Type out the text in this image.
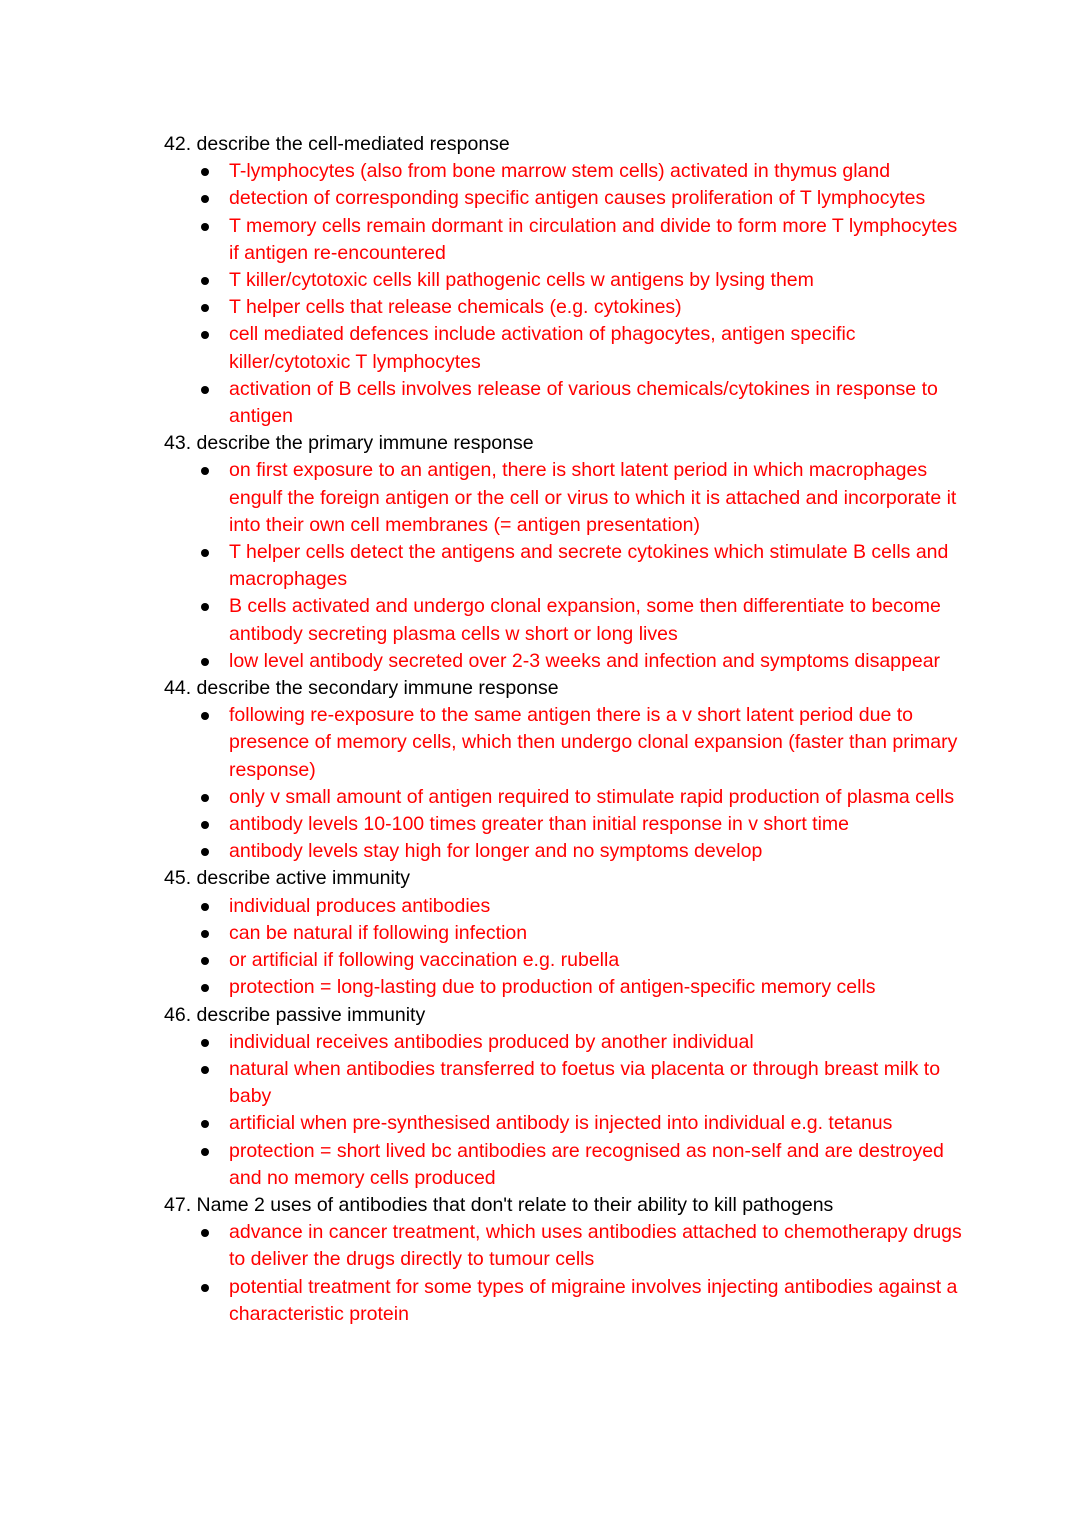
42. describe the cell-mediated response

T-lymphocytes (also from bone marrow stem cells) activated in thymus gland
detection of corresponding specific antigen causes proliferation of T lymphocytes
T memory cells remain dormant in circulation and divide to form more T lymphocytes if antigen re-encountered
T killer/cytotoxic cells kill pathogenic cells w antigens by lysing them
T helper cells that release chemicals (e.g. cytokines)
cell mediated defences include activation of phagocytes, antigen specific killer/cytotoxic T lymphocytes
activation of B cells involves release of various chemicals/cytokines in response to antigen

43. describe the primary immune response

on first exposure to an antigen, there is short latent period in which macrophages engulf the foreign antigen or the cell or virus to which it is attached and incorporate it into their own cell membranes (= antigen presentation)
T helper cells detect the antigens and secrete cytokines which stimulate B cells and macrophages
B cells activated and undergo clonal expansion, some then differentiate to become antibody secreting plasma cells w short or long lives
low level antibody secreted over 2-3 weeks and infection and symptoms disappear

44. describe the secondary immune response

following re-exposure to the same antigen there is a v short latent period due to presence of memory cells, which then undergo clonal expansion (faster than primary response)
only v small amount of antigen required to stimulate rapid production of plasma cells
antibody levels 10-100 times greater than initial response in v short time
antibody levels stay high for longer and no symptoms develop

45. describe active immunity

individual produces antibodies
can be natural if following infection
or artificial if following vaccination e.g. rubella
protection = long-lasting due to production of antigen-specific memory cells

46. describe passive immunity

individual receives antibodies produced by another individual
natural when antibodies transferred to foetus via placenta or through breast milk to baby
artificial when pre-synthesised antibody is injected into individual e.g. tetanus
protection = short lived bc antibodies are recognised as non-self and are destroyed and no memory cells produced

47. Name 2 uses of antibodies that don't relate to their ability to kill pathogens

advance in cancer treatment, which uses antibodies attached to chemotherapy drugs to deliver the drugs directly to tumour cells
potential treatment for some types of migraine involves injecting antibodies against a characteristic protein
